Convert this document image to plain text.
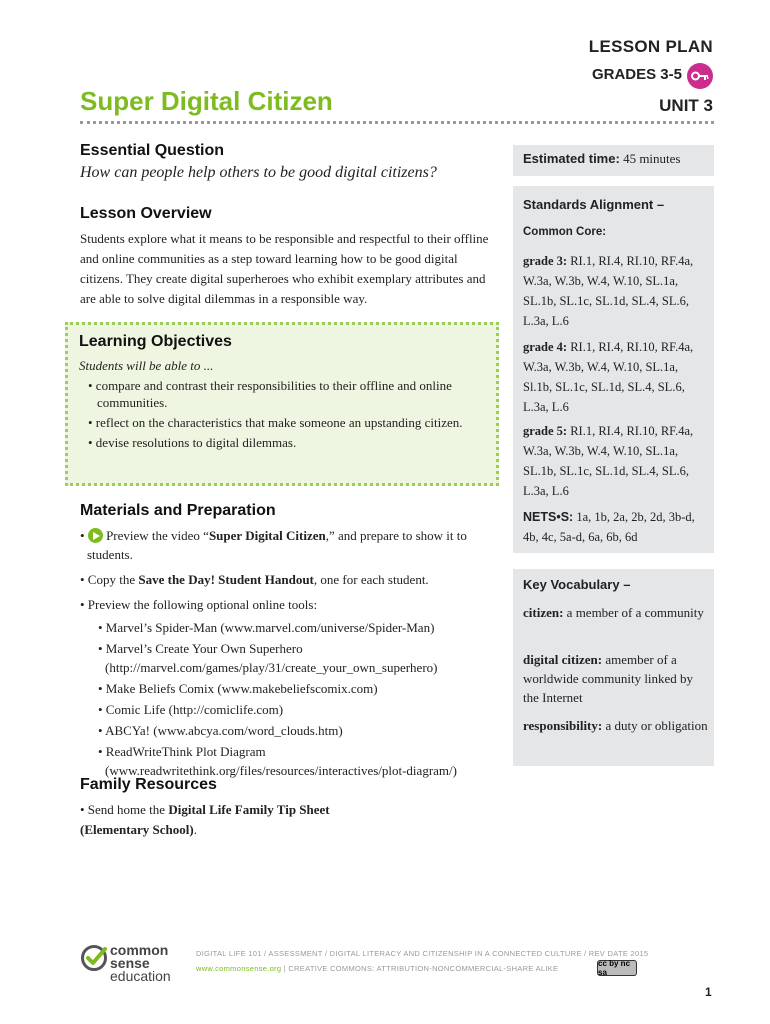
LESSON PLAN
GRADES 3-5
UNIT 3
Super Digital Citizen
Essential Question
How can people help others to be good digital citizens?
Lesson Overview
Students explore what it means to be responsible and respectful to their offline and online communities as a step toward learning how to be good digital citizens. They create digital superheroes who exhibit exemplary attributes and are able to solve digital dilemmas in a responsible way.
Learning Objectives
Students will be able to ...
• compare and contrast their responsibilities to their offline and online communities.
• reflect on the characteristics that make someone an upstanding citizen.
• devise resolutions to digital dilemmas.
Materials and Preparation
• Preview the video “Super Digital Citizen,” and prepare to show it to students.
• Copy the Save the Day! Student Handout, one for each student.
• Preview the following optional online tools:
• Marvel’s Spider-Man (www.marvel.com/universe/Spider-Man)
• Marvel’s Create Your Own Superhero (http://marvel.com/games/play/31/create_your_own_superhero)
• Make Beliefs Comix (www.makebeliefscomix.com)
• Comic Life (http://comiclife.com)
• ABCYa! (www.abcya.com/word_clouds.htm)
• ReadWriteThink Plot Diagram (www.readwritethink.org/files/resources/interactives/plot-diagram/)
Family Resources
• Send home the Digital Life Family Tip Sheet (Elementary School).
Estimated time: 45 minutes
Standards Alignment –
Common Core:
grade 3: RI.1, RI.4, RI.10, RF.4a, W.3a, W.3b, W.4, W.10, SL.1a, SL.1b, SL.1c, SL.1d, SL.4, SL.6, L.3a, L.6
grade 4: RI.1, RI.4, RI.10, RF.4a, W.3a, W.3b, W.4, W.10, SL.1a, Sl.1b, SL.1c, SL.1d, SL.4, SL.6, L.3a, L.6
grade 5: RI.1, RI.4, RI.10, RF.4a, W.3a, W.3b, W.4, W.10, SL.1a, SL.1b, SL.1c, SL.1d, SL.4, SL.6, L.3a, L.6
NETS•S: 1a, 1b, 2a, 2b, 2d, 3b-d, 4b, 4c, 5a-d, 6a, 6b, 6d
Key Vocabulary –
citizen: a member of a community
digital citizen: amember of a worldwide community linked by the Internet
responsibility: a duty or obligation
common
sense
education
DIGITAL LIFE 101 / ASSESSMENT / DIGITAL LITERACY AND CITIZENSHIP IN A CONNECTED CULTURE / REV DATE 2015
www.commonsense.org | CREATIVE COMMONS: ATTRIBUTION-NONCOMMERCIAL-SHARE ALIKE
cc by nc sa
1
